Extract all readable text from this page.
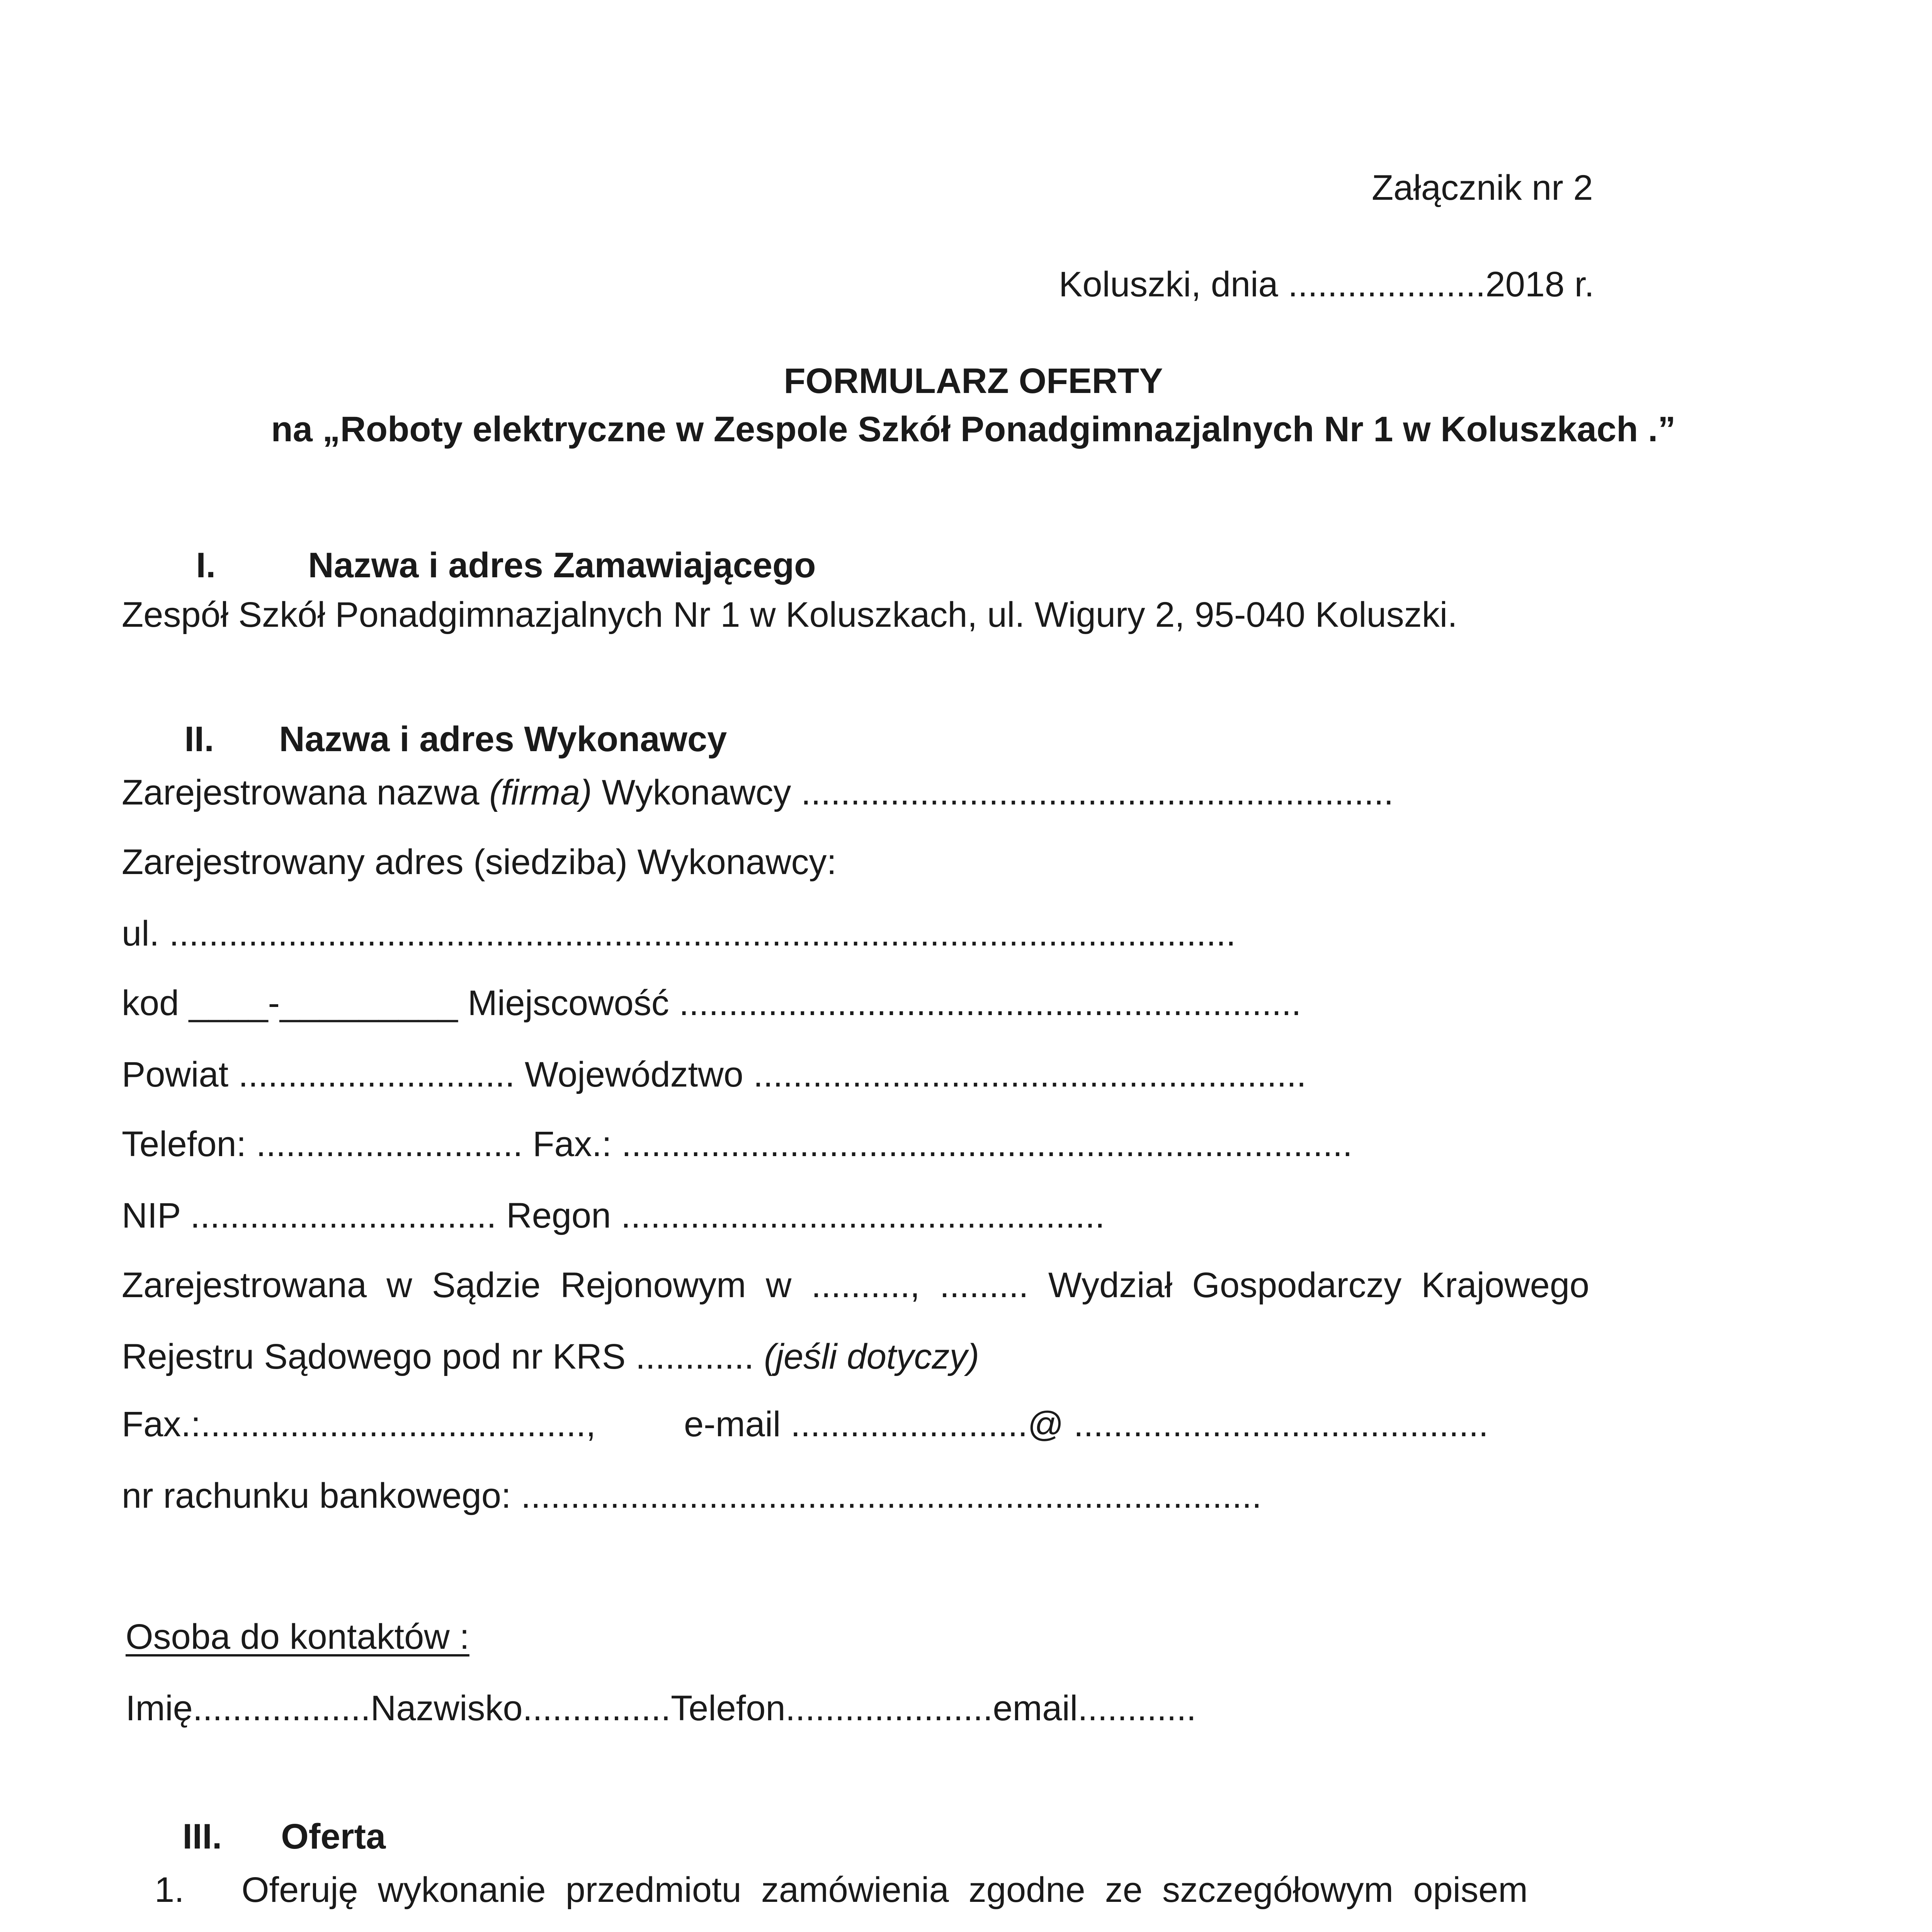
Załącznik nr 2
Koluszki, dnia ....................2018 r.
FORMULARZ OFERTY
na „Roboty elektryczne w Zespole Szkół Ponadgimnazjalnych Nr 1 w Koluszkach .”

I.	Nazwa i adres Zamawiającego

Zespół Szkół Ponadgimnazjalnych Nr 1 w Koluszkach, ul. Wigury 2, 95-040 Koluszki.

II. Nazwa i adres Wykonawcy

Zarejestrowana nazwa (firma) Wykonawcy ............................................................
Zarejestrowany adres (siedziba) Wykonawcy:
ul. ............................................................................................................
kod ____-_________ Miejscowość ...............................................................
Powiat ............................ Województwo ........................................................
Telefon: ........................... Fax.: ..........................................................................
NIP ............................... Regon .................................................
Zarejestrowana  w  Sądzie  Rejonowym  w  ..........,  .........  Wydział  Gospodarczy  Krajowego
Rejestru Sądowego pod nr KRS ............ (jeśli dotyczy)
Fax.:......................................., e-mail ........................@ ..........................................
nr rachunku bankowego: ...........................................................................
Osoba do kontaktów :
Imię..................Nazwisko...............Telefon.....................email............

III. Oferta

1. Oferuję  wykonanie  przedmiotu  zamówienia  zgodne  ze  szczegółowym  opisem
